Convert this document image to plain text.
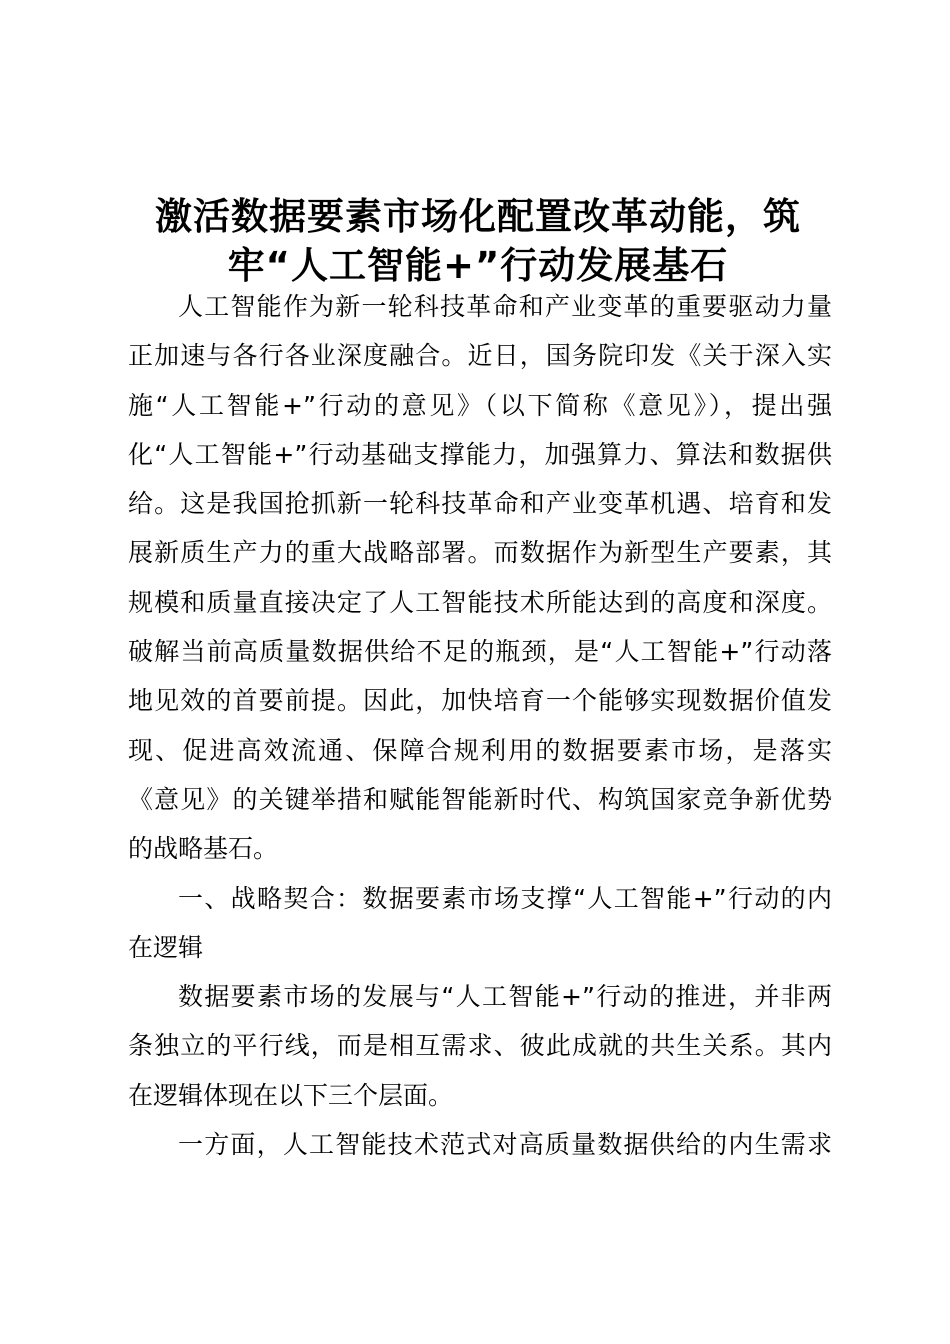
激活数据要素市场化配置改革动能，筑
牢“人工智能+”行动发展基石
人工智能作为新一轮科技革命和产业变革的重要驱动力量
正加速与各行各业深度融合。近日，国务院印发《关于深入实
施“人工智能+”行动的意见》（以下简称《意见》），提出强
化“人工智能+”行动基础支撑能力，加强算力、算法和数据供
给。这是我国抢抓新一轮科技革命和产业变革机遇、培育和发
展新质生产力的重大战略部署。而数据作为新型生产要素，其
规模和质量直接决定了人工智能技术所能达到的高度和深度。
破解当前高质量数据供给不足的瓶颈，是“人工智能+”行动落
地见效的首要前提。因此，加快培育一个能够实现数据价值发
现、促进高效流通、保障合规利用的数据要素市场，是落实
《意见》的关键举措和赋能智能新时代、构筑国家竞争新优势
的战略基石。
一、战略契合：数据要素市场支撑“人工智能+”行动的内
在逻辑
数据要素市场的发展与“人工智能+”行动的推进，并非两
条独立的平行线，而是相互需求、彼此成就的共生关系。其内
在逻辑体现在以下三个层面。
一方面，人工智能技术范式对高质量数据供给的内生需求
